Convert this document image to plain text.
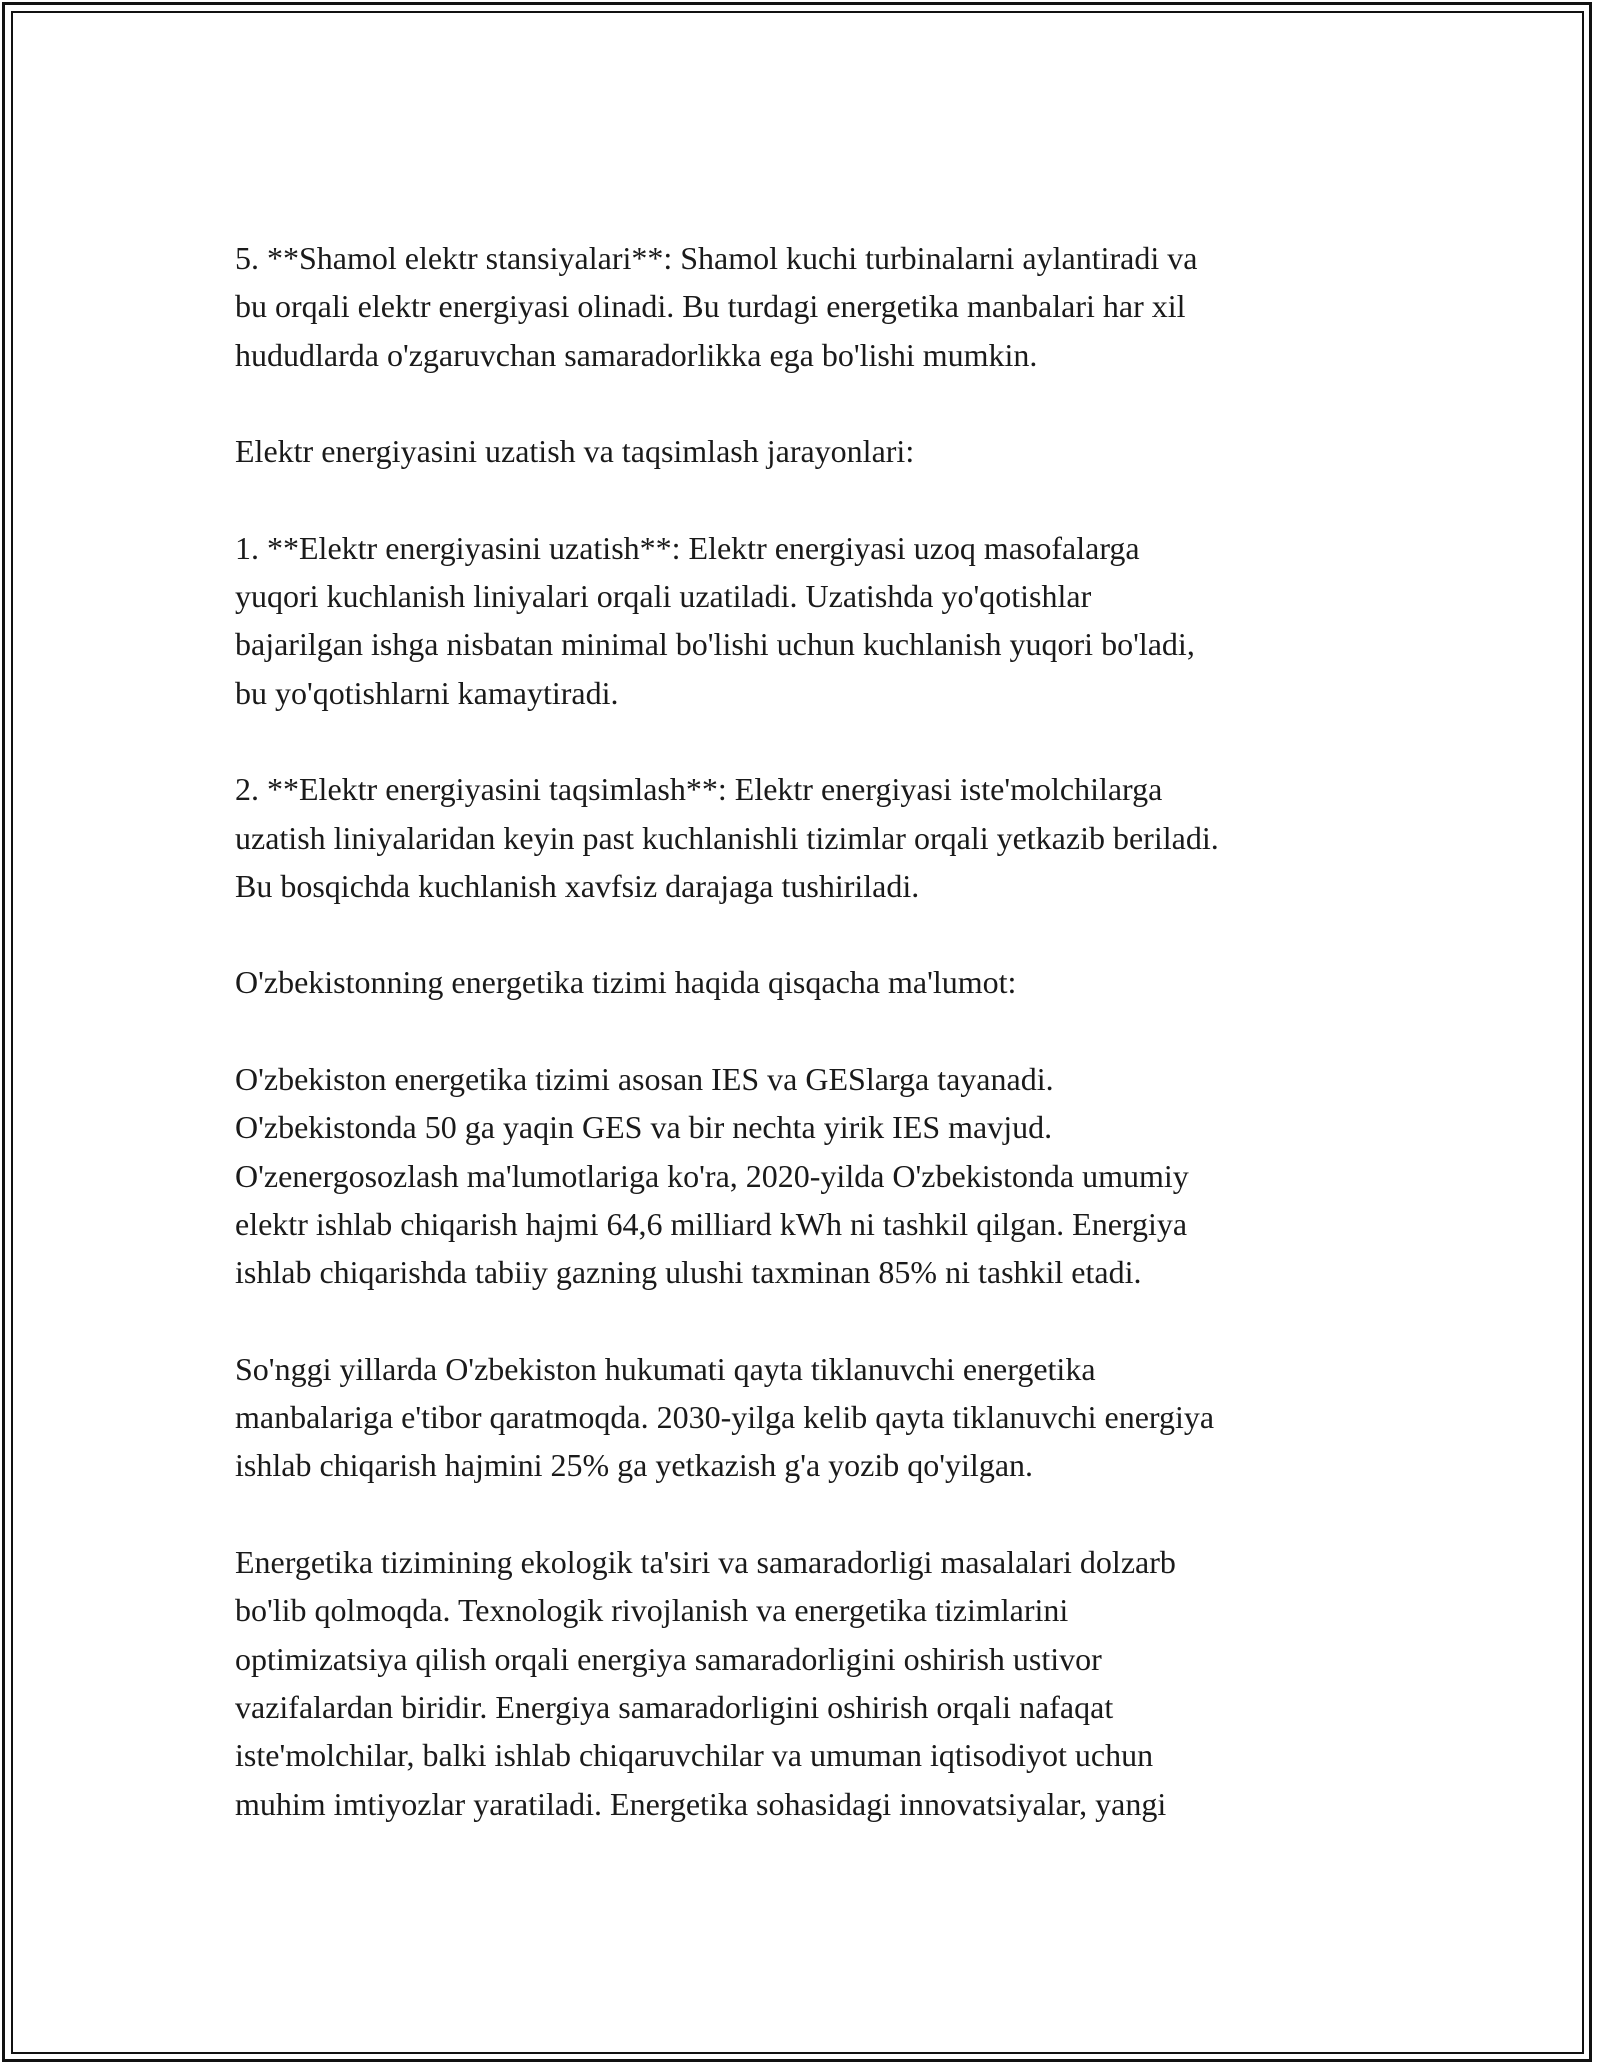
5. **Shamol elektr stansiyalari**: Shamol kuchi turbinalarni aylantiradi va
bu orqali elektr energiyasi olinadi. Bu turdagi energetika manbalari har xil
hududlarda o'zgaruvchan samaradorlikka ega bo'lishi mumkin.

Elektr energiyasini uzatish va taqsimlash jarayonlari:

1. **Elektr energiyasini uzatish**: Elektr energiyasi uzoq masofalarga
yuqori kuchlanish liniyalari orqali uzatiladi. Uzatishda yo'qotishlar
bajarilgan ishga nisbatan minimal bo'lishi uchun kuchlanish yuqori bo'ladi,
bu yo'qotishlarni kamaytiradi.

2. **Elektr energiyasini taqsimlash**: Elektr energiyasi iste'molchilarga
uzatish liniyalaridan keyin past kuchlanishli tizimlar orqali yetkazib beriladi.
Bu bosqichda kuchlanish xavfsiz darajaga tushiriladi.

O'zbekistonning energetika tizimi haqida qisqacha ma'lumot:

O'zbekiston energetika tizimi asosan IES va GESlarga tayanadi.
O'zbekistonda 50 ga yaqin GES va bir nechta yirik IES mavjud.
O'zenergosozlash ma'lumotlariga ko'ra, 2020-yilda O'zbekistonda umumiy
elektr ishlab chiqarish hajmi 64,6 milliard kWh ni tashkil qilgan. Energiya
ishlab chiqarishda tabiiy gazning ulushi taxminan 85% ni tashkil etadi.

So'nggi yillarda O'zbekiston hukumati qayta tiklanuvchi energetika
manbalariga e'tibor qaratmoqda. 2030-yilga kelib qayta tiklanuvchi energiya
ishlab chiqarish hajmini 25% ga yetkazish g'a yozib qo'yilgan.

Energetika tizimining ekologik ta'siri va samaradorligi masalalari dolzarb
bo'lib qolmoqda. Texnologik rivojlanish va energetika tizimlarini
optimizatsiya qilish orqali energiya samaradorligini oshirish ustivor
vazifalardan biridir. Energiya samaradorligini oshirish orqali nafaqat
iste'molchilar, balki ishlab chiqaruvchilar va umuman iqtisodiyot uchun
muhim imtiyozlar yaratiladi. Energetika sohasidagi innovatsiyalar, yangi
